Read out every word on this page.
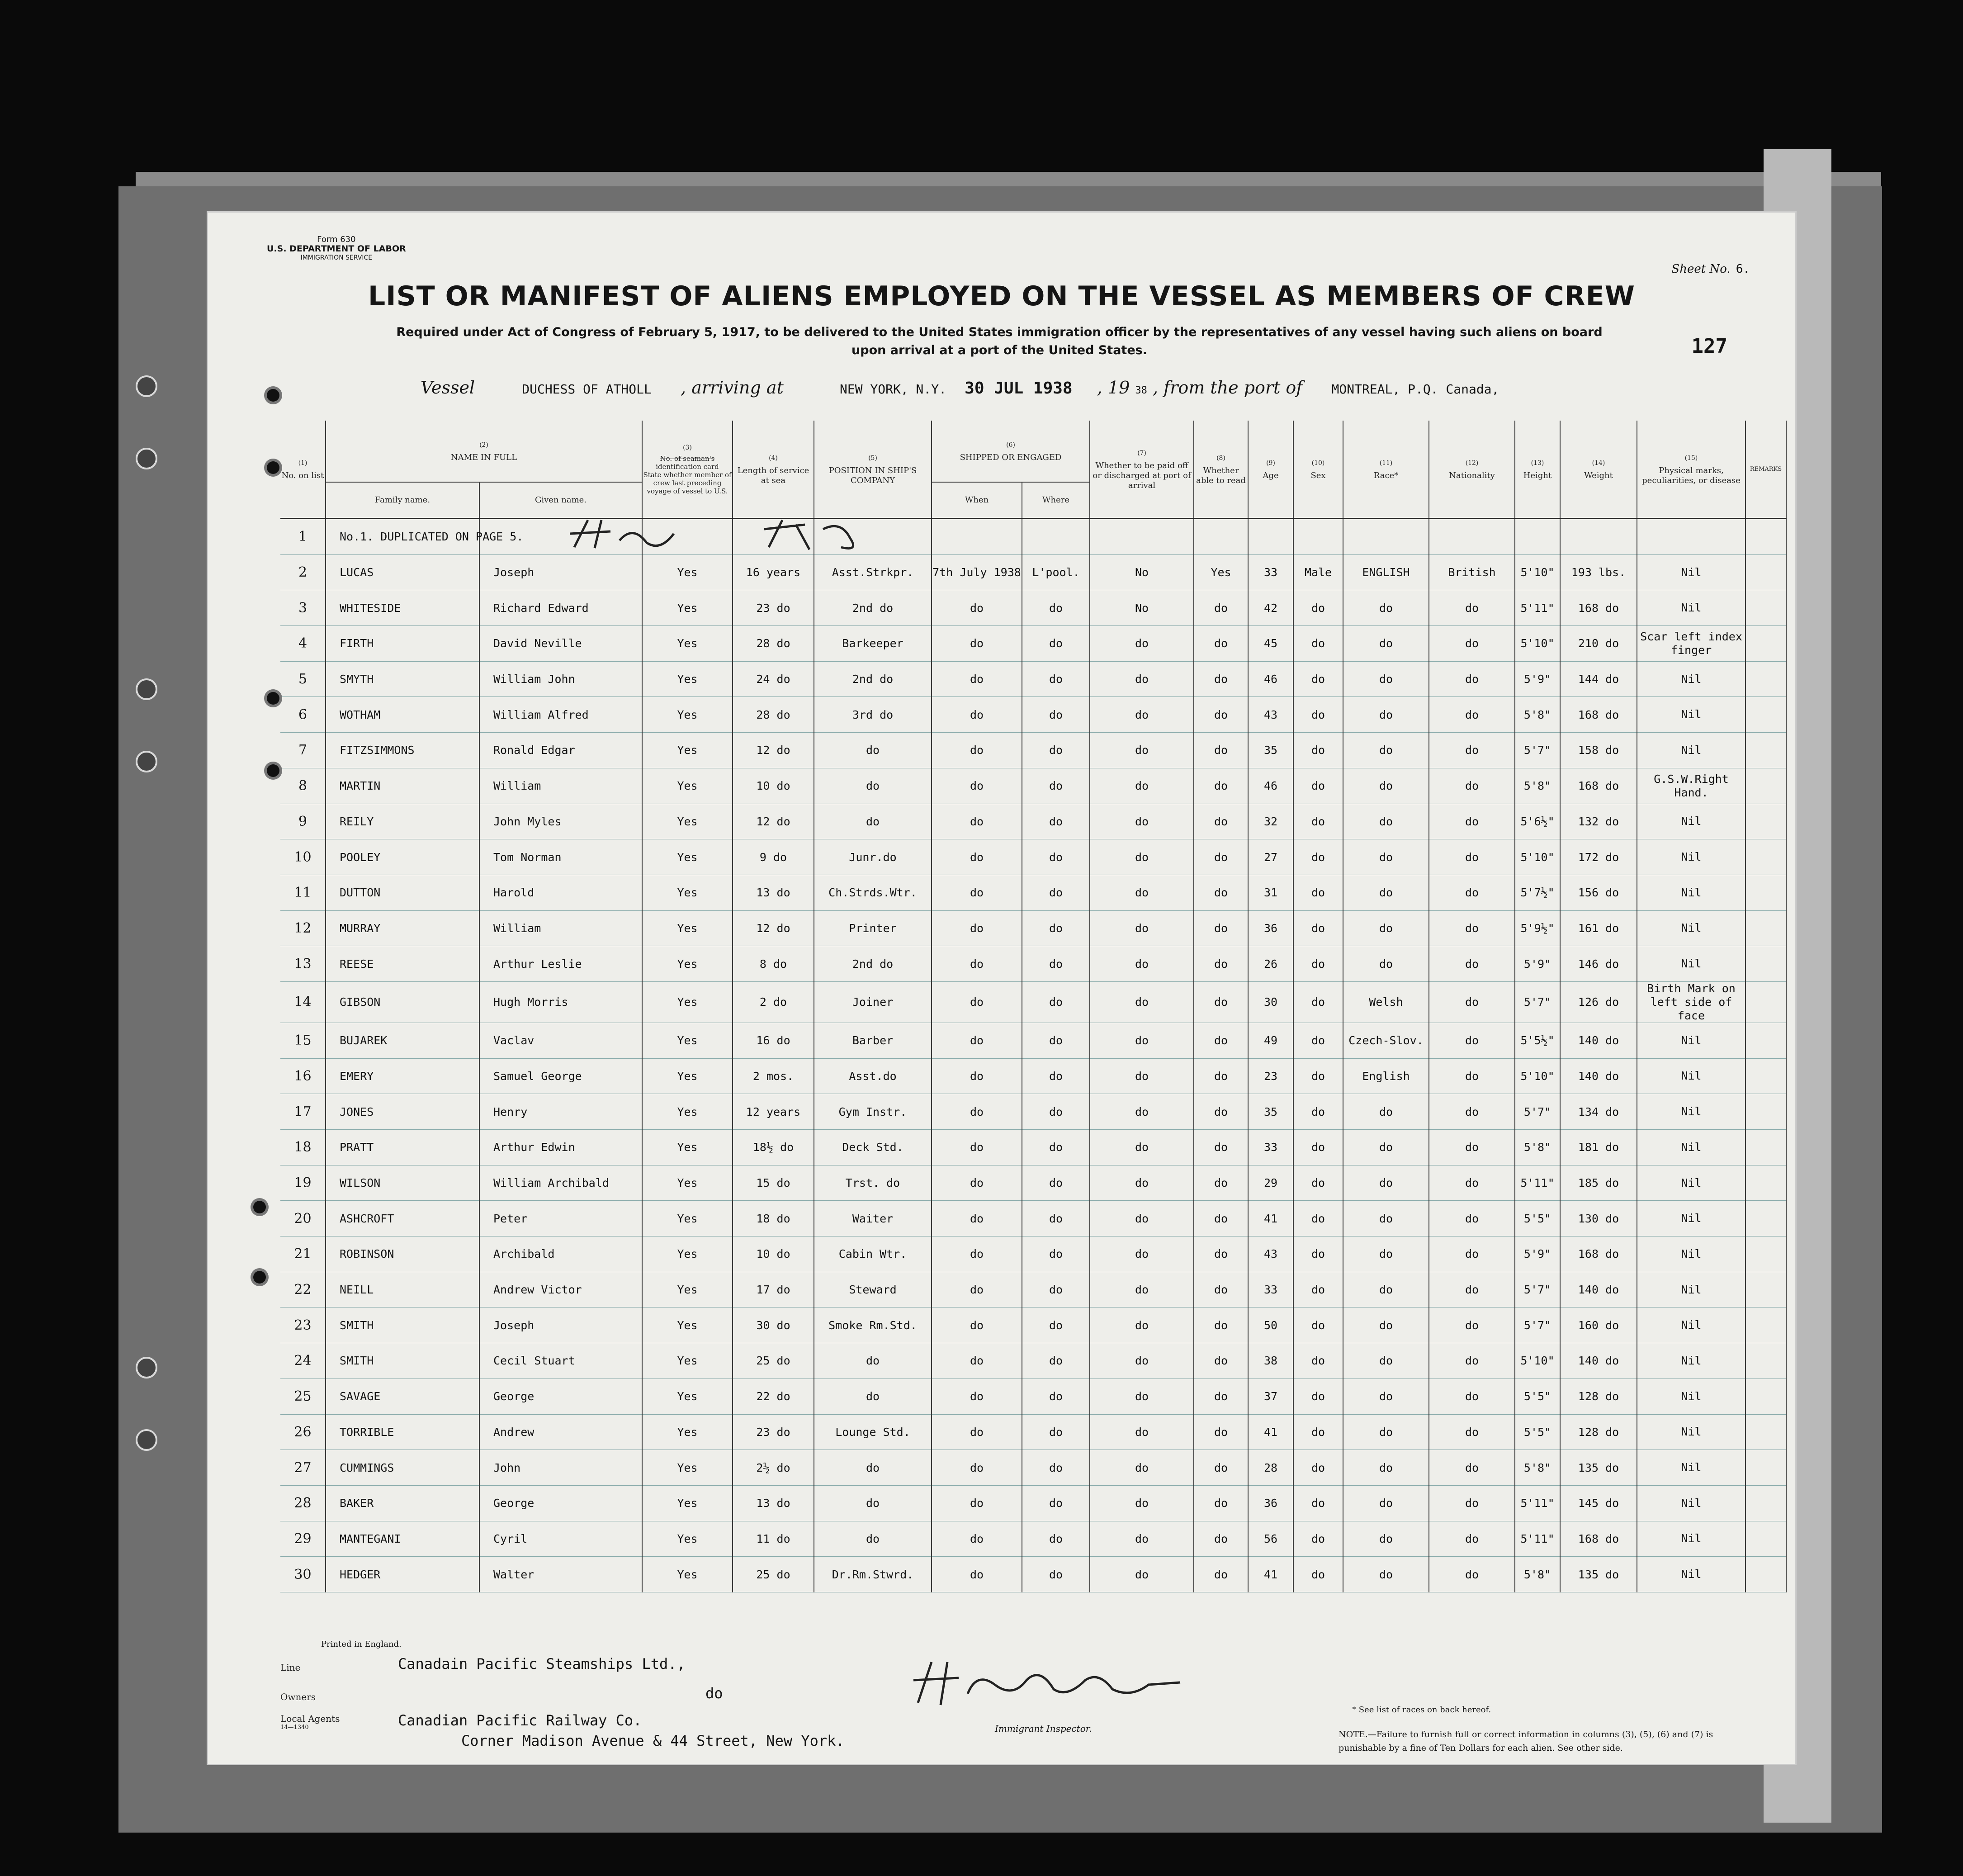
Form 630
U.S. DEPARTMENT OF LABOR
IMMIGRATION SERVICE
Sheet No. 6.
127
LIST OR MANIFEST OF ALIENS EMPLOYED ON THE VESSEL AS MEMBERS OF CREW
Required under Act of Congress of February 5, 1917, to be delivered to the United States immigration officer by the representatives of any vessel having such aliens on board upon arrival at a port of the United States.
Vessel	DUCHESS OF ATHOLL , arriving at	NEW YORK, N.Y. 30 JUL 1938 , 19 38 , from the port of MONTREAL, P.Q. Canada,
(1)
No. on list	(2)
NAME IN FULL		(3)
No. of seaman's identification card
State whether member of crew last preceding voyage of vessel to U.S.	(4)
Length of service at sea	(5)
POSITION IN SHIP'S COMPANY	(6)
SHIPPED OR ENGAGED		(7)
Whether to be paid off or discharged at port of arrival	(8)
Whether able to read	(9)
Age	(10)
Sex	(11)
Race*	(12)
Nationality	(13)
Height	(14)
Weight	(15)
Physical marks, peculiarities, or disease	REMARKS
	Family name.	Given name.				When	Where										
1	No.1. DUPLICATED ON PAGE 5.																
2	LUCAS	Joseph	Yes	16 years	Asst.Strkpr.	7th July 1938	L'pool.	No	Yes	33	Male	ENGLISH	British	5'10"	193 lbs.	Nil	
3	WHITESIDE	Richard Edward	Yes	23 do	2nd do	do	do	No	do	42	do	do	do	5'11"	168 do	Nil	
4	FIRTH	David Neville	Yes	28 do	Barkeeper	do	do	do	do	45	do	do	do	5'10"	210 do	Scar left index finger	
5	SMYTH	William John	Yes	24 do	2nd do	do	do	do	do	46	do	do	do	5'9"	144 do	Nil	
6	WOTHAM	William Alfred	Yes	28 do	3rd do	do	do	do	do	43	do	do	do	5'8"	168 do	Nil	
7	FITZSIMMONS	Ronald Edgar	Yes	12 do	do	do	do	do	do	35	do	do	do	5'7"	158 do	Nil	
8	MARTIN	William	Yes	10 do	do	do	do	do	do	46	do	do	do	5'8"	168 do	G.S.W.Right Hand.	
9	REILY	John Myles	Yes	12 do	do	do	do	do	do	32	do	do	do	5'6½"	132 do	Nil	
10	POOLEY	Tom Norman	Yes	9 do	Junr.do	do	do	do	do	27	do	do	do	5'10"	172 do	Nil	
11	DUTTON	Harold	Yes	13 do	Ch.Strds.Wtr.	do	do	do	do	31	do	do	do	5'7½"	156 do	Nil	
12	MURRAY	William	Yes	12 do	Printer	do	do	do	do	36	do	do	do	5'9½"	161 do	Nil	
13	REESE	Arthur Leslie	Yes	8 do	2nd do	do	do	do	do	26	do	do	do	5'9"	146 do	Nil	
14	GIBSON	Hugh Morris	Yes	2 do	Joiner	do	do	do	do	30	do	Welsh	do	5'7"	126 do	Birth Mark on left side of face	
15	BUJAREK	Vaclav	Yes	16 do	Barber	do	do	do	do	49	do	Czech-Slov.	do	5'5½"	140 do	Nil	
16	EMERY	Samuel George	Yes	2 mos.	Asst.do	do	do	do	do	23	do	English	do	5'10"	140 do	Nil	
17	JONES	Henry	Yes	12 years	Gym Instr.	do	do	do	do	35	do	do	do	5'7"	134 do	Nil	
18	PRATT	Arthur Edwin	Yes	18½ do	Deck Std.	do	do	do	do	33	do	do	do	5'8"	181 do	Nil	
19	WILSON	William Archibald	Yes	15 do	Trst. do	do	do	do	do	29	do	do	do	5'11"	185 do	Nil	
20	ASHCROFT	Peter	Yes	18 do	Waiter	do	do	do	do	41	do	do	do	5'5"	130 do	Nil	
21	ROBINSON	Archibald	Yes	10 do	Cabin Wtr.	do	do	do	do	43	do	do	do	5'9"	168 do	Nil	
22	NEILL	Andrew Victor	Yes	17 do	Steward	do	do	do	do	33	do	do	do	5'7"	140 do	Nil	
23	SMITH	Joseph	Yes	30 do	Smoke Rm.Std.	do	do	do	do	50	do	do	do	5'7"	160 do	Nil	
24	SMITH	Cecil Stuart	Yes	25 do	do	do	do	do	do	38	do	do	do	5'10"	140 do	Nil	
25	SAVAGE	George	Yes	22 do	do	do	do	do	do	37	do	do	do	5'5"	128 do	Nil	
26	TORRIBLE	Andrew	Yes	23 do	Lounge Std.	do	do	do	do	41	do	do	do	5'5"	128 do	Nil	
27	CUMMINGS	John	Yes	2½ do	do	do	do	do	do	28	do	do	do	5'8"	135 do	Nil	
28	BAKER	George	Yes	13 do	do	do	do	do	do	36	do	do	do	5'11"	145 do	Nil	
29	MANTEGANI	Cyril	Yes	11 do	do	do	do	do	do	56	do	do	do	5'11"	168 do	Nil	
30	HEDGER	Walter	Yes	25 do	Dr.Rm.Stwrd.	do	do	do	do	41	do	do	do	5'8"	135 do	Nil	
Printed in England.
Line	Canadain Pacific Steamships Ltd.,
Owners	do
Local Agents
14—1340	Canadian Pacific Railway Co.
Corner Madison Avenue & 44 Street, New York.
Immigrant Inspector.
* See list of races on back hereof.
NOTE.—Failure to furnish full or correct information in columns (3), (5), (6) and (7) is punishable by a fine of Ten Dollars for each alien. See other side.
